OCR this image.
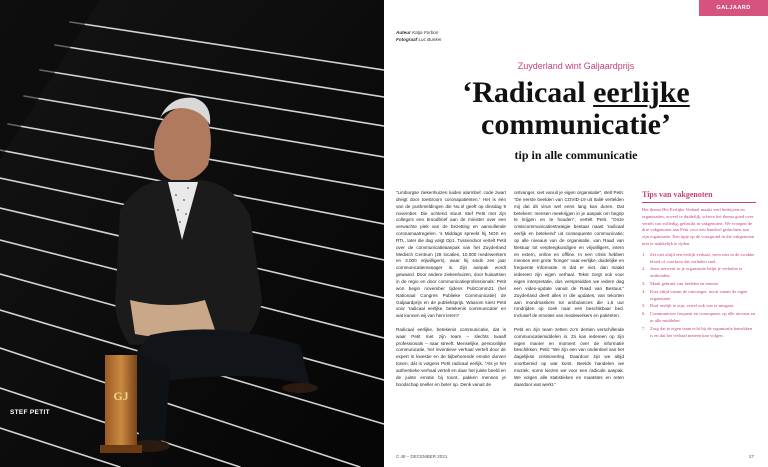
GJ
STEF PETIT
GALJAARD
Auteur Katja Forbon
Fotograaf Luc Bunker
Zuyderland wint Galjaardprijs
‘Radicaal eerlijke
communicatie’
tip in alle communicatie

“Limburgse ziekenhuizen luiden alarmbel: code zwart dreigt door toestroom coronapatiënten.” Het is één van de pushmeldingen die Nu.nl geeft op dinsdag 9 november. Die ochtend stuurt Stef Petit met zijn collega’s een broodbrief aan de minister over een verwachte piek van de bezetting en aanvullende coronamaatregelen. ’s Middags spreekt hij NOS en RTL, later die dag volgt Op1. Tussendoor vertelt Petit over de communicatieaanpak van het Zuyderland Medisch Centrum (28 locaties, 10.000 medewerkers en 3.000 vrijwilligers), waar hij sinds zes jaar communicatiemanager is. Zijn aanpak wordt gewaard. Door andere ziekenhuizen, door huisartsen in de regio en door communicatieprofessionals: Petit won begin november tijdens PubComm21 (het Nationaal Congres Publieke Communicatie) de Galjaardprijs en de publieksprijs. Waarom kiest Petit voor ‘radicaal eerlijke, betekenis communicatie’ en wat kunnen wij van hem leren?

Radicaal eerlijke, betekenis communicatie, dat is waar Petit met zijn team – slechts twaalf professionals – naar streeft. Menselijke, persoonlijke communicatie, het inventieve verhaal vertelt door de expert in kwestie en de bijbehorende emotie durven tonen; dát is volgens Petit radicaal eerlijk. “Als je het authentieke verhaal vertelt en daar het juiste beeld en de juiste emotie bij toont, pakken mensen je boodschap sneller en beter op. Denk vanuit de

ontvanger, niet vanuit je eigen organisatie”, stelt Petit. “De eerste beelden van COVID-19 uit Italië vertelden mij dat dit virus wel eens lang kan duren. Dat betekent: mensen meekrijgen in je aanpak om begrip te krijgen en te houden”, vertelt Petit. “Onze crisiscommunicatiestrategie bestaat naast ‘radicaal eerlijk en betekend’ uit consequente communicatie; op alle niveaus van de organisatie, van Raad van Bestuur tot verpleegkundigen en vrijwilligers, intern en extern, online en offline. In een crisis hebben mensen een grote ‘honger’ naar eerlijke, duidelijke en frequente informatie. Is dat er niet, dan maakt iedereen zijn eigen verhaal. Tekst zorgt ook voor eigen interpretatie, dus verspreidden we iedere dag een video-update vanuit de Raad van Bestuur.” Zuyderland deelt alles in die updates, van tekorten aan mondmaskers tot ambulances die 1,5 uur rondrijden op zoek naar een beschikbaar bed. Inclusief de emoties van medewerkers en patiënten.

Petit en zijn team zetten zo’n dertien verschillende communicatiemiddelen in. Zo kan iedereen op zijn eigen manier en moment over de informatie beschikken. Petit: “We zijn een van onderdeel van het dagelijkse crisisoverleg. Daardoor zijn we altijd voortbereid op wat komt. Beelds handelen we muziek, soms kiezen we voor een radicale aanpak. We volgen alle statistieken en maatstes en reten daardoor wat werkt.”

Tips van vakgenoten
Het thema Het Eerlijke Verhaal maakt veel bedrijven en organisaties, zoveel te duidelijk, scheve het thema goed over vertelt van volledig, gebruikt in vakgenoten. We vroegen de drie vakgenoten aan Petit voor een handvol gedachten aan zijn organisatie. Een tipje op de voorgrond in die vakgenoten niet te makkelijk te rijden.
1. Zet niet altijd een eerlijk verhaal, weer niet in de zwakke bloed of voorkom dat verhalen snel.
2. Jouw netwerk in je organisatie helpt je verhalen te onthouden.
3. Maak gebruik van beelden en emotie.
4. Kies altijd vanuit de ontvanger, nooit vanuit de eigen organisatie.
5. Durf eerlijk te zijn; vertel ook wat er misgaat.
6. Communiceer frequent en consequent, op alle niveaus en in alle middelen.
7. Zorg dat je eigen team echt bij de organisatie betrokken is en dat het verhaal meteen kan volgen.
C 48 – DECEMBER 2021	27
